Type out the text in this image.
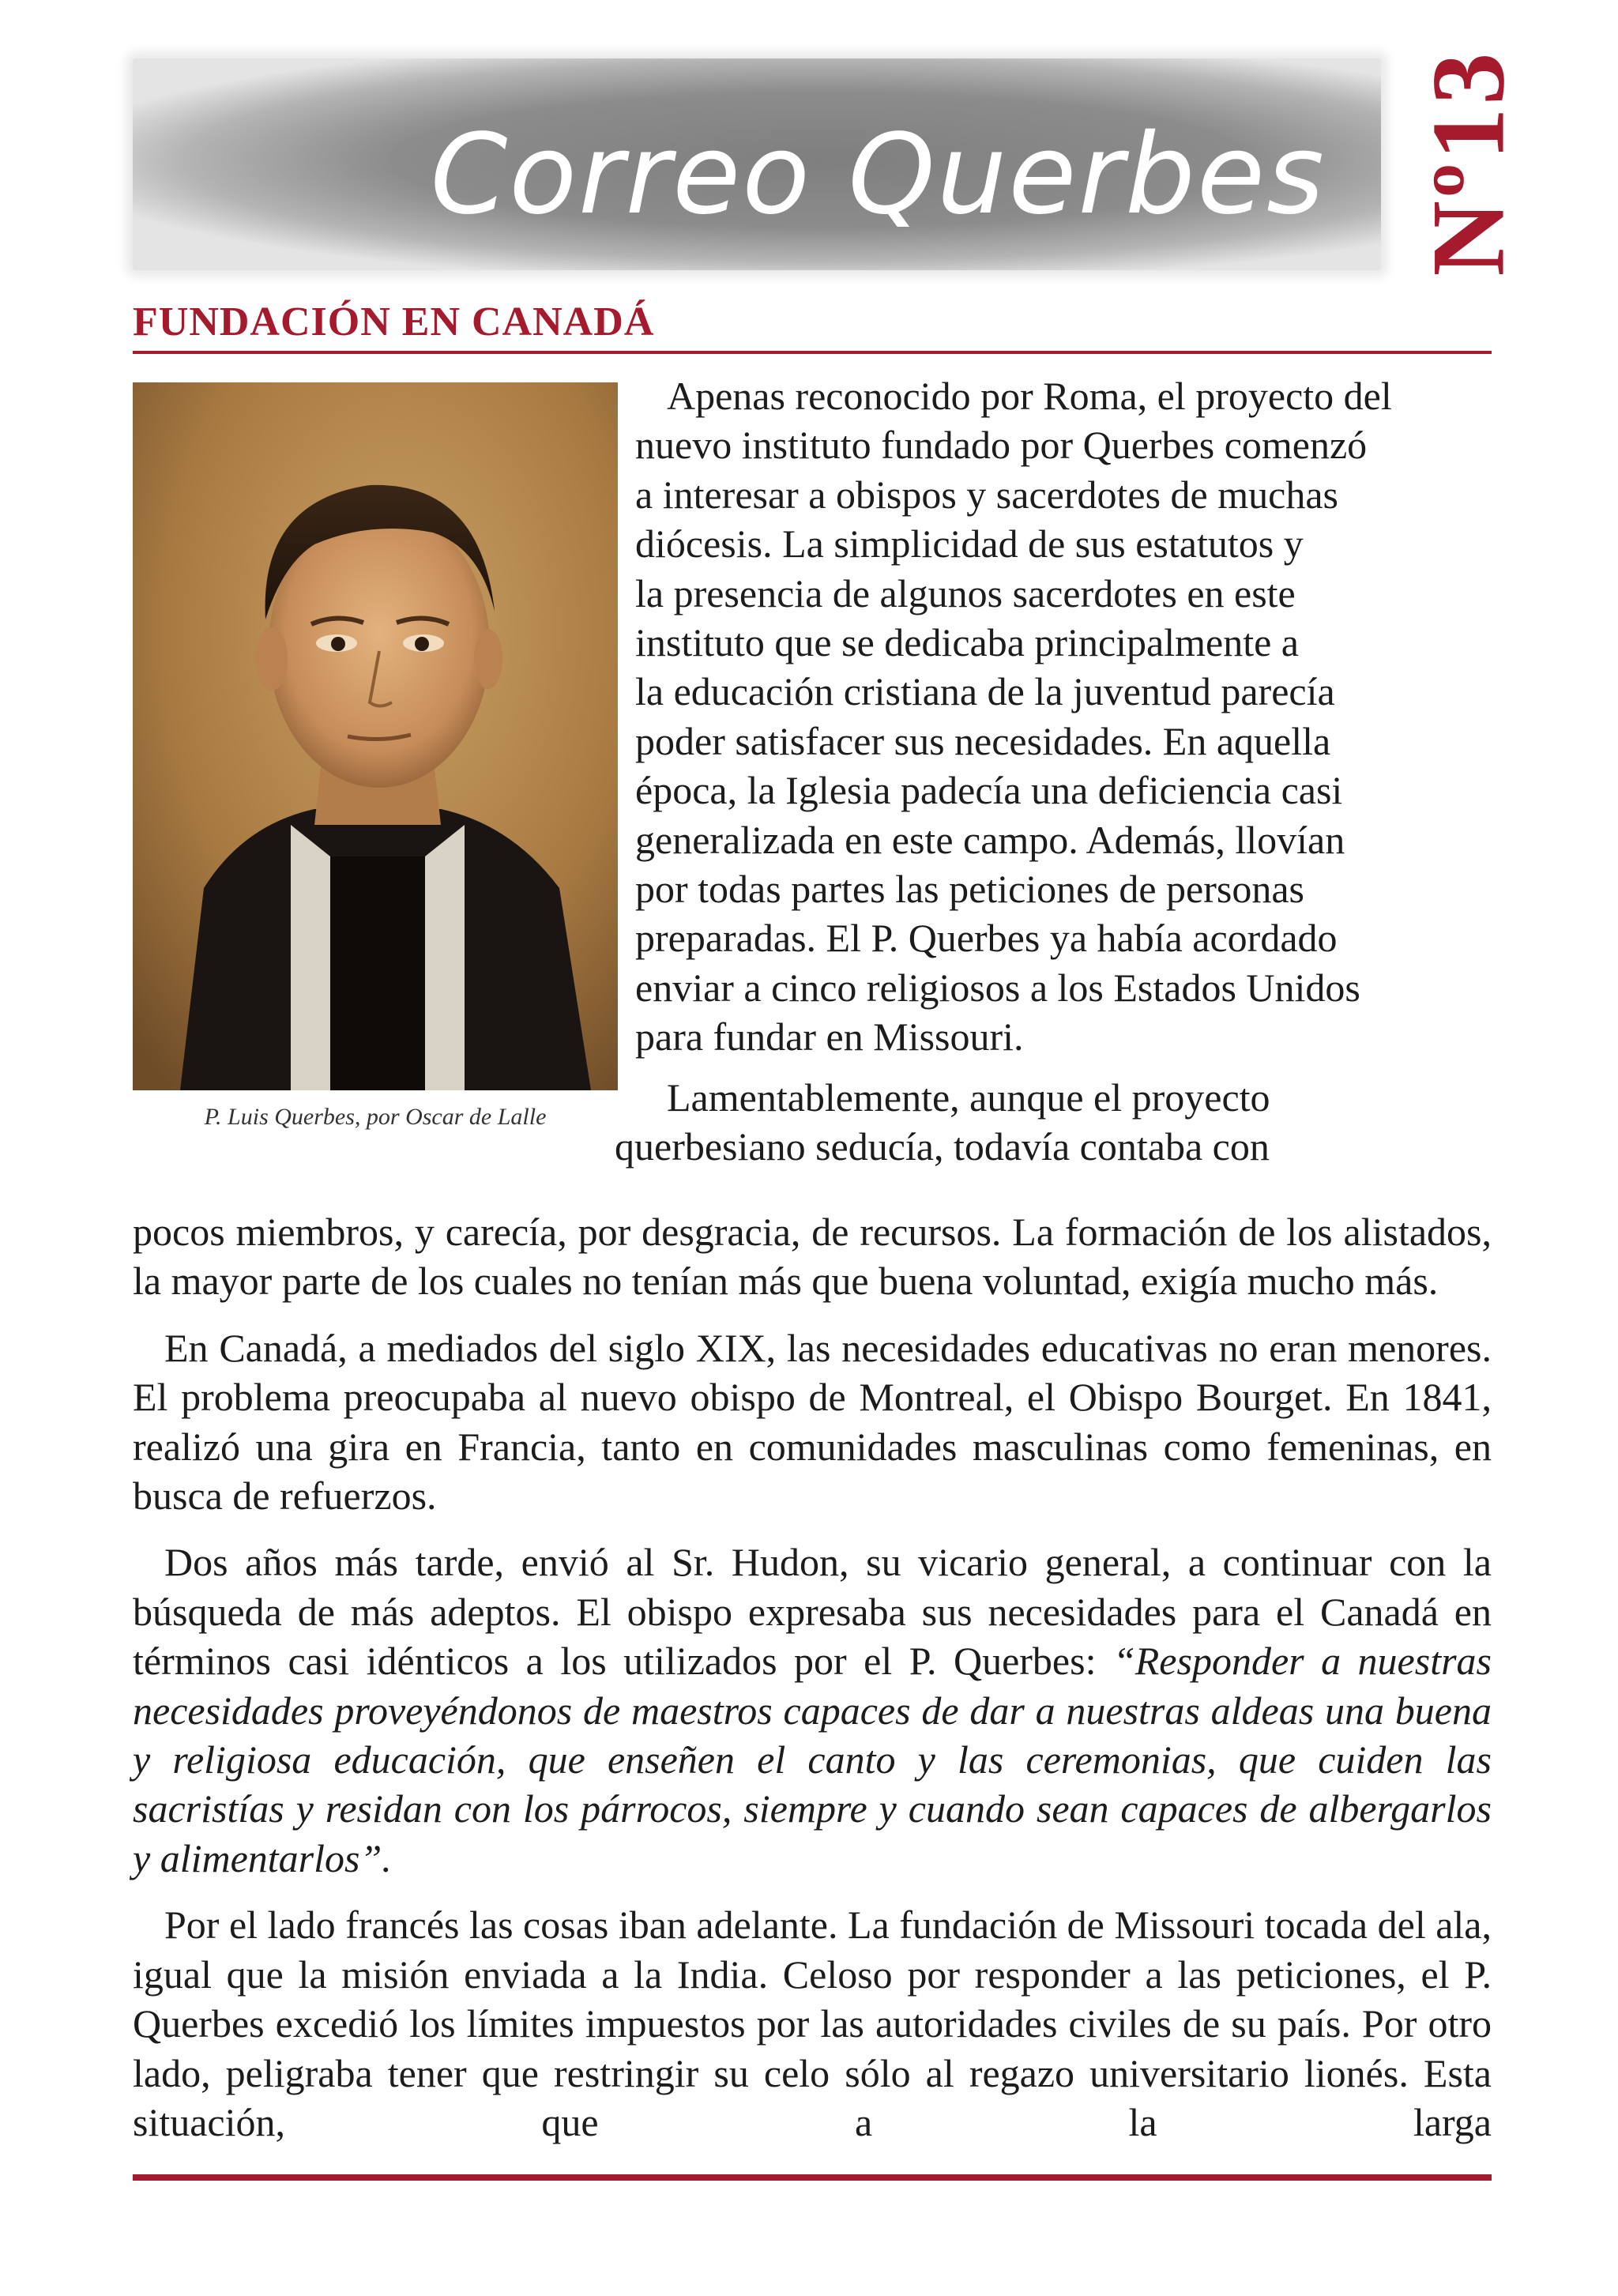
Correo Querbes Nº13
FUNDACIÓN EN CANADÁ
P. Luis Querbes, por Oscar de Lalle

Apenas reconocido por Roma, el proyecto del
nuevo instituto fundado por Querbes comenzó
a interesar a obispos y sacerdotes de muchas
diócesis. La simplicidad de sus estatutos y
la presencia de algunos sacerdotes en este
instituto que se dedicaba principalmente a
la educación cristiana de la juventud parecía
poder satisfacer sus necesidades. En aquella
época, la Iglesia padecía una deficiencia casi
generalizada en este campo. Además, llovían
por todas partes las peticiones de personas
preparadas. El P. Querbes ya había acordado
enviar a cinco religiosos a los Estados Unidos
para fundar en Missouri.

Lamentablemente, aunque el proyecto
querbesiano seducía, todavía contaba con

pocos miembros, y carecía, por desgracia, de recursos. La formación de los alistados, la mayor parte de los cuales no tenían más que buena voluntad, exigía mucho más.

En Canadá, a mediados del siglo XIX, las necesidades educativas no eran menores. El problema preocupaba al nuevo obispo de Montreal, el Obispo Bourget. En 1841, realizó una gira en Francia, tanto en comunidades masculinas como femeninas, en busca de refuerzos.

Dos años más tarde, envió al Sr. Hudon, su vicario general, a continuar con la búsqueda de más adeptos. El obispo expresaba sus necesidades para el Canadá en términos casi idénticos a los utilizados por el P. Querbes: “Responder a nuestras necesidades proveyéndonos de maestros capaces de dar a nuestras aldeas una buena y religiosa educación, que enseñen el canto y las ceremonias, que cuiden las sacristías y residan con los párrocos, siempre y cuando sean capaces de albergarlos y alimentarlos”.

Por el lado francés las cosas iban adelante. La fundación de Missouri tocada del ala, igual que la misión enviada a la India. Celoso por responder a las peticiones, el P. Querbes excedió los límites impuestos por las autoridades civiles de su país. Por otro lado, peligraba tener que restringir su celo sólo al regazo universitario lionés. Esta situación, que a la larga
